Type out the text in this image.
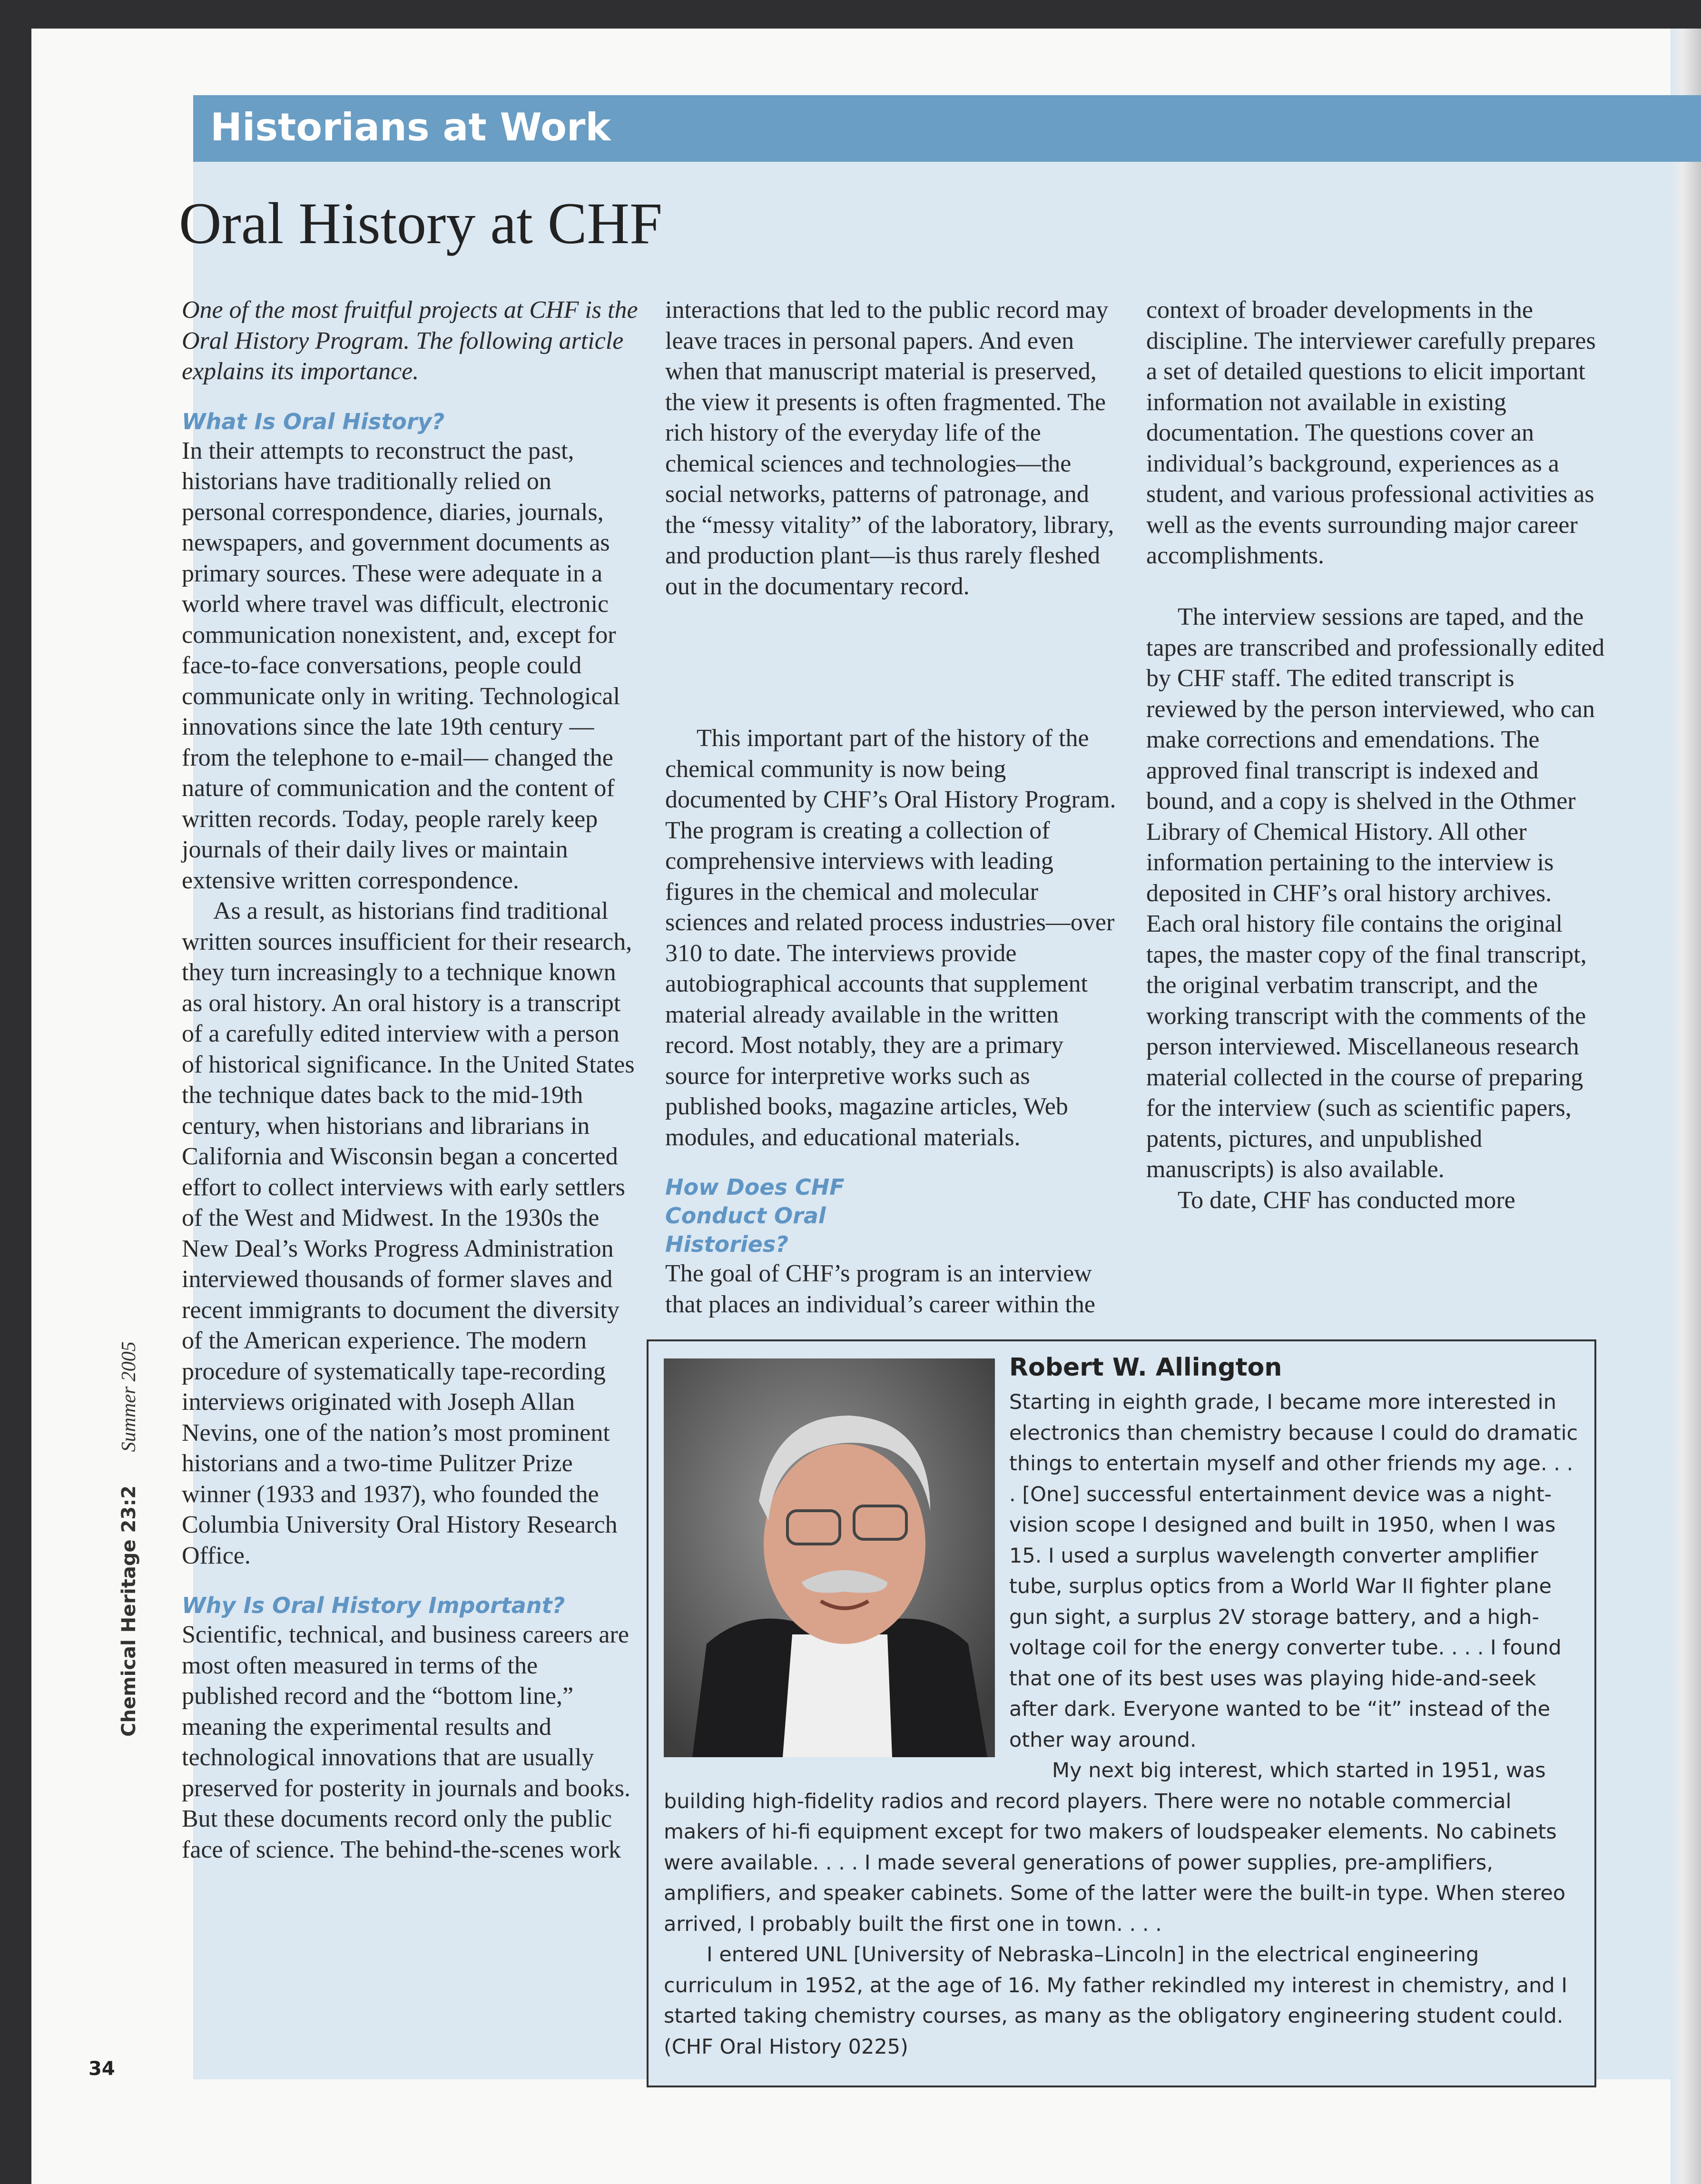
Historians at Work
Oral History at CHF

One of the most fruitful projects at CHF is the Oral History Program. The following article explains its importance.

What Is Oral History?

In their attempts to reconstruct the past, historians have traditionally relied on personal correspondence, diaries, journals, newspapers, and government documents as primary sources. These were adequate in a world where travel was difficult, electronic communication nonexistent, and, except for face-to-face conversations, people could communicate only in writing. Technological innovations since the late 19th century —from the telephone to e-mail— changed the nature of communication and the content of written records. Today, people rarely keep journals of their daily lives or maintain extensive written correspondence.

As a result, as historians find traditional written sources insufficient for their research, they turn increasingly to a technique known as oral history. An oral history is a transcript of a carefully edited interview with a person of historical significance. In the United States the technique dates back to the mid-19th century, when historians and librarians in California and Wisconsin began a concerted effort to collect interviews with early settlers of the West and Midwest. In the 1930s the New Deal’s Works Progress Administration interviewed thousands of former slaves and recent immigrants to document the diversity of the American experience. The modern procedure of systematically tape-recording interviews originated with Joseph Allan Nevins, one of the nation’s most prominent historians and a two-time Pulitzer Prize winner (1933 and 1937), who founded the Columbia University Oral History Research Office.

Why Is Oral History Important?

Scientific, technical, and business careers are most often measured in terms of the published record and the “bottom line,” meaning the experimental results and technological innovations that are usually preserved for posterity in journals and books. But these documents record only the public face of science. The behind-the-scenes work

interactions that led to the public record may leave traces in personal papers. And even when that manuscript material is preserved, the view it presents is often fragmented. The rich history of the everyday life of the chemical sciences and technologies—the social networks, patterns of patronage, and the “messy vitality” of the laboratory, library, and production plant—is thus rarely fleshed out in the documentary record.

This important part of the history of the chemical community is now being documented by CHF’s Oral History Program. The program is creating a collection of comprehensive interviews with leading figures in the chemical and molecular sciences and related process industries—over 310 to date. The interviews provide autobiographical accounts that supplement material already available in the written record. Most notably, they are a primary source for interpretive works such as published books, magazine articles, Web modules, and educational materials.

How Does CHF Conduct Oral Histories?

The goal of CHF’s program is an interview that places an individual’s career within the

context of broader developments in the discipline. The interviewer carefully prepares a set of detailed questions to elicit important information not available in existing documentation. The questions cover an individual’s background, experiences as a student, and various professional activities as well as the events surrounding major career accomplishments.

The interview sessions are taped, and the tapes are transcribed and professionally edited by CHF staff. The edited transcript is reviewed by the person interviewed, who can make corrections and emendations. The approved final transcript is indexed and bound, and a copy is shelved in the Othmer Library of Chemical History. All other information pertaining to the interview is deposited in CHF’s oral history archives. Each oral history file contains the original tapes, the master copy of the final transcript, the original verbatim transcript, and the working transcript with the comments of the person interviewed. Miscellaneous research material collected in the course of preparing for the interview (such as scientific papers, patents, pictures, and unpublished manuscripts) is also available.

To date, CHF has conducted more

Robert W. Allington

Starting in eighth grade, I became more interested in electronics than chemistry because I could do dramatic things to entertain myself and other friends my age. . . . [One] successful entertainment device was a night-vision scope I designed and built in 1950, when I was 15. I used a surplus wavelength converter amplifier tube, surplus optics from a World War II fighter plane gun sight, a surplus 2V storage battery, and a high-voltage coil for the energy converter tube. . . . I found that one of its best uses was playing hide-and-seek after dark. Everyone wanted to be “it” instead of the other way around.

My next big interest, which started in 1951, was building high-fidelity radios and record players. There were no notable commercial makers of hi-fi equipment except for two makers of loudspeaker elements. No cabinets were available. . . . I made several generations of power supplies, pre-amplifiers, amplifiers, and speaker cabinets. Some of the latter were the built-in type. When stereo arrived, I probably built the first one in town. . . .

I entered UNL [University of Nebraska–Lincoln] in the electrical engineering curriculum in 1952, at the age of 16. My father rekindled my interest in chemistry, and I started taking chemistry courses, as many as the obligatory engineering student could. (CHF Oral History 0225)

Chemical Heritage 23:2 Summer 2005
34
